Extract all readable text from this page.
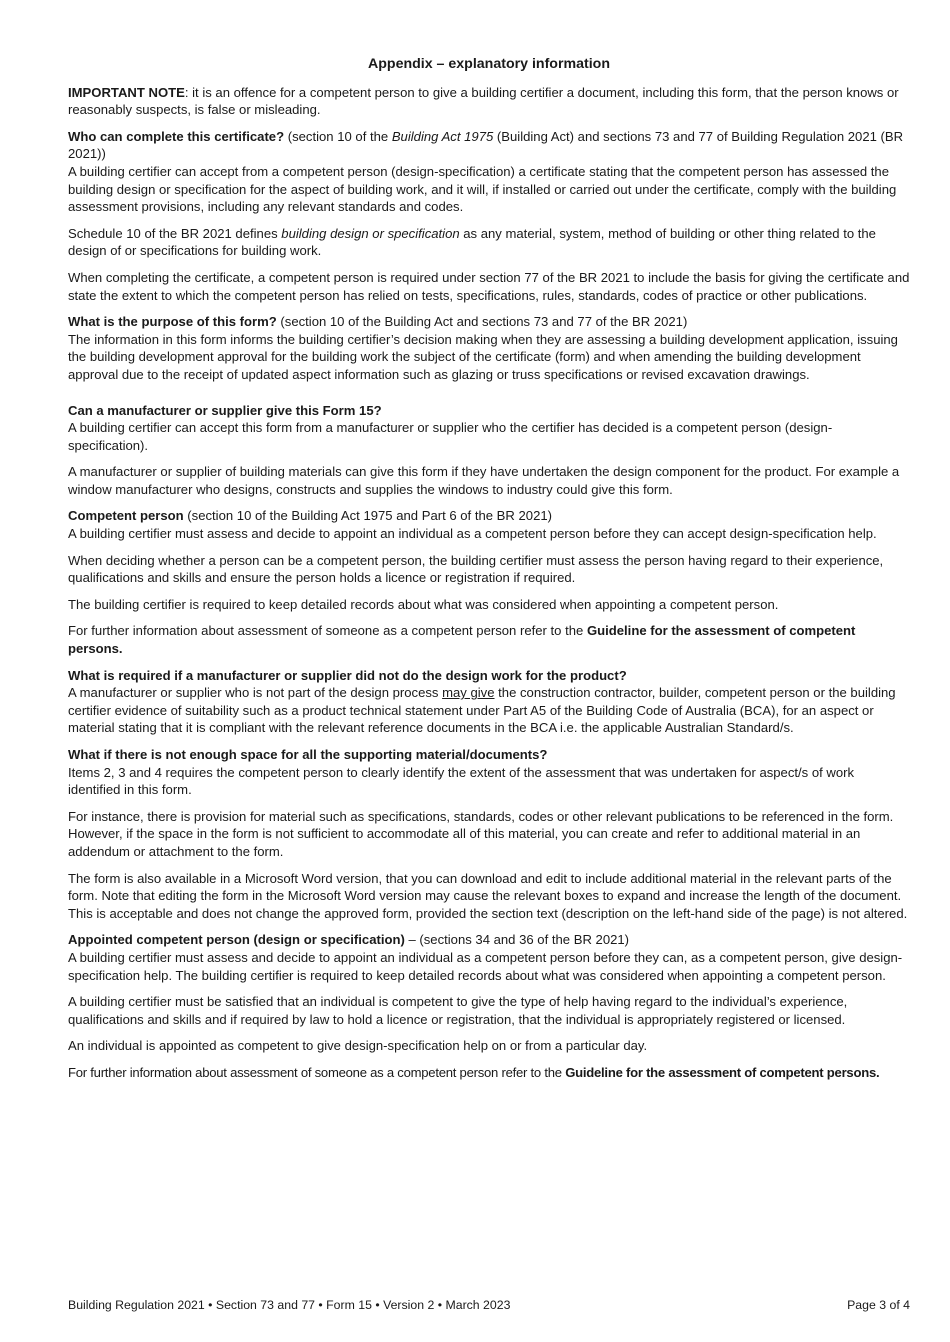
Appendix – explanatory information

IMPORTANT NOTE: it is an offence for a competent person to give a building certifier a document, including this form, that the person knows or reasonably suspects, is false or misleading.

Who can complete this certificate? (section 10 of the Building Act 1975 (Building Act) and sections 73 and 77 of Building Regulation 2021 (BR 2021))
A building certifier can accept from a competent person (design-specification) a certificate stating that the competent person has assessed the building design or specification for the aspect of building work, and it will, if installed or carried out under the certificate, comply with the building assessment provisions, including any relevant standards and codes.

Schedule 10 of the BR 2021 defines building design or specification as any material, system, method of building or other thing related to the design of or specifications for building work.

When completing the certificate, a competent person is required under section 77 of the BR 2021 to include the basis for giving the certificate and state the extent to which the competent person has relied on tests, specifications, rules, standards, codes of practice or other publications.

What is the purpose of this form? (section 10 of the Building Act and sections 73 and 77 of the BR 2021)
The information in this form informs the building certifier’s decision making when they are assessing a building development application, issuing the building development approval for the building work the subject of the certificate (form) and when amending the building development approval due to the receipt of updated aspect information such as glazing or truss specifications or revised excavation drawings.

Can a manufacturer or supplier give this Form 15?
A building certifier can accept this form from a manufacturer or supplier who the certifier has decided is a competent person (design-specification).

A manufacturer or supplier of building materials can give this form if they have undertaken the design component for the product. For example a window manufacturer who designs, constructs and supplies the windows to industry could give this form.

Competent person (section 10 of the Building Act 1975 and Part 6 of the BR 2021)
A building certifier must assess and decide to appoint an individual as a competent person before they can accept design-specification help.

When deciding whether a person can be a competent person, the building certifier must assess the person having regard to their experience, qualifications and skills and ensure the person holds a licence or registration if required.

The building certifier is required to keep detailed records about what was considered when appointing a competent person.

For further information about assessment of someone as a competent person refer to the Guideline for the assessment of competent persons.

What is required if a manufacturer or supplier did not do the design work for the product?
A manufacturer or supplier who is not part of the design process may give the construction contractor, builder, competent person or the building certifier evidence of suitability such as a product technical statement under Part A5 of the Building Code of Australia (BCA), for an aspect or material stating that it is compliant with the relevant reference documents in the BCA i.e. the applicable Australian Standard/s.

What if there is not enough space for all the supporting material/documents?
Items 2, 3 and 4 requires the competent person to clearly identify the extent of the assessment that was undertaken for aspect/s of work identified in this form.

For instance, there is provision for material such as specifications, standards, codes or other relevant publications to be referenced in the form. However, if the space in the form is not sufficient to accommodate all of this material, you can create and refer to additional material in an addendum or attachment to the form.

The form is also available in a Microsoft Word version, that you can download and edit to include additional material in the relevant parts of the form. Note that editing the form in the Microsoft Word version may cause the relevant boxes to expand and increase the length of the document. This is acceptable and does not change the approved form, provided the section text (description on the left-hand side of the page) is not altered.

Appointed competent person (design or specification) – (sections 34 and 36 of the BR 2021)
A building certifier must assess and decide to appoint an individual as a competent person before they can, as a competent person, give design-specification help. The building certifier is required to keep detailed records about what was considered when appointing a competent person.

A building certifier must be satisfied that an individual is competent to give the type of help having regard to the individual’s experience, qualifications and skills and if required by law to hold a licence or registration, that the individual is appropriately registered or licensed.

An individual is appointed as competent to give design-specification help on or from a particular day.

For further information about assessment of someone as a competent person refer to the Guideline for the assessment of competent persons.

Building Regulation 2021 • Section 73 and 77 • Form 15 • Version 2 • March 2023	Page 3 of 4
